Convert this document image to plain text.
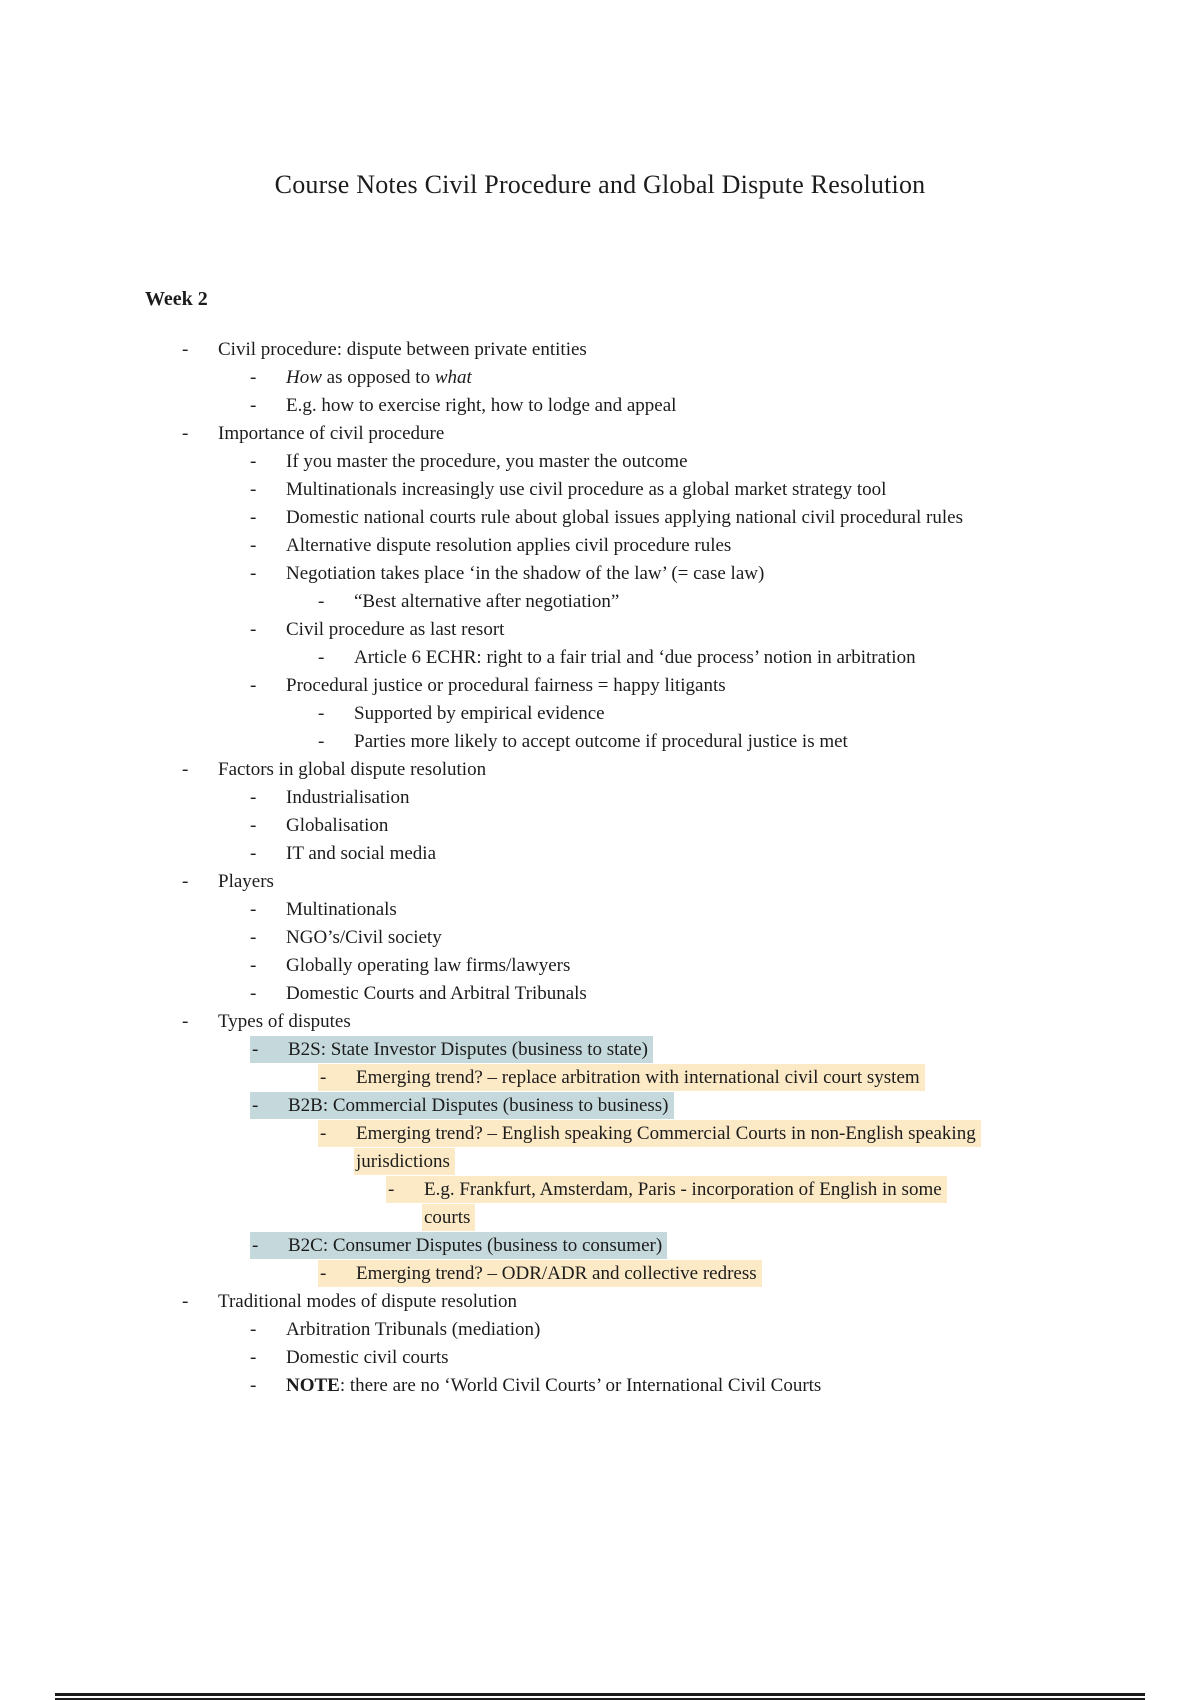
Course Notes Civil Procedure and Global Dispute Resolution
Week 2
- Civil procedure: dispute between private entities
- How as opposed to what
- E.g. how to exercise right, how to lodge and appeal
- Importance of civil procedure
- If you master the procedure, you master the outcome
- Multinationals increasingly use civil procedure as a global market strategy tool
- Domestic national courts rule about global issues applying national civil procedural rules
- Alternative dispute resolution applies civil procedure rules
- Negotiation takes place ‘in the shadow of the law’ (= case law)
- “Best alternative after negotiation”
- Civil procedure as last resort
- Article 6 ECHR: right to a fair trial and ‘due process’ notion in arbitration
- Procedural justice or procedural fairness = happy litigants
- Supported by empirical evidence
- Parties more likely to accept outcome if procedural justice is met
- Factors in global dispute resolution
- Industrialisation
- Globalisation
- IT and social media
- Players
- Multinationals
- NGO’s/Civil society
- Globally operating law firms/lawyers
- Domestic Courts and Arbitral Tribunals
- Types of disputes
- B2S: State Investor Disputes (business to state)
- Emerging trend? – replace arbitration with international civil court system
- B2B: Commercial Disputes (business to business)
- Emerging trend? – English speaking Commercial Courts in non-English speaking
jurisdictions
- E.g. Frankfurt, Amsterdam, Paris - incorporation of English in some
courts
- B2C: Consumer Disputes (business to consumer)
- Emerging trend? – ODR/ADR and collective redress
- Traditional modes of dispute resolution
- Arbitration Tribunals (mediation)
- Domestic civil courts
- NOTE: there are no ‘World Civil Courts’ or International Civil Courts
